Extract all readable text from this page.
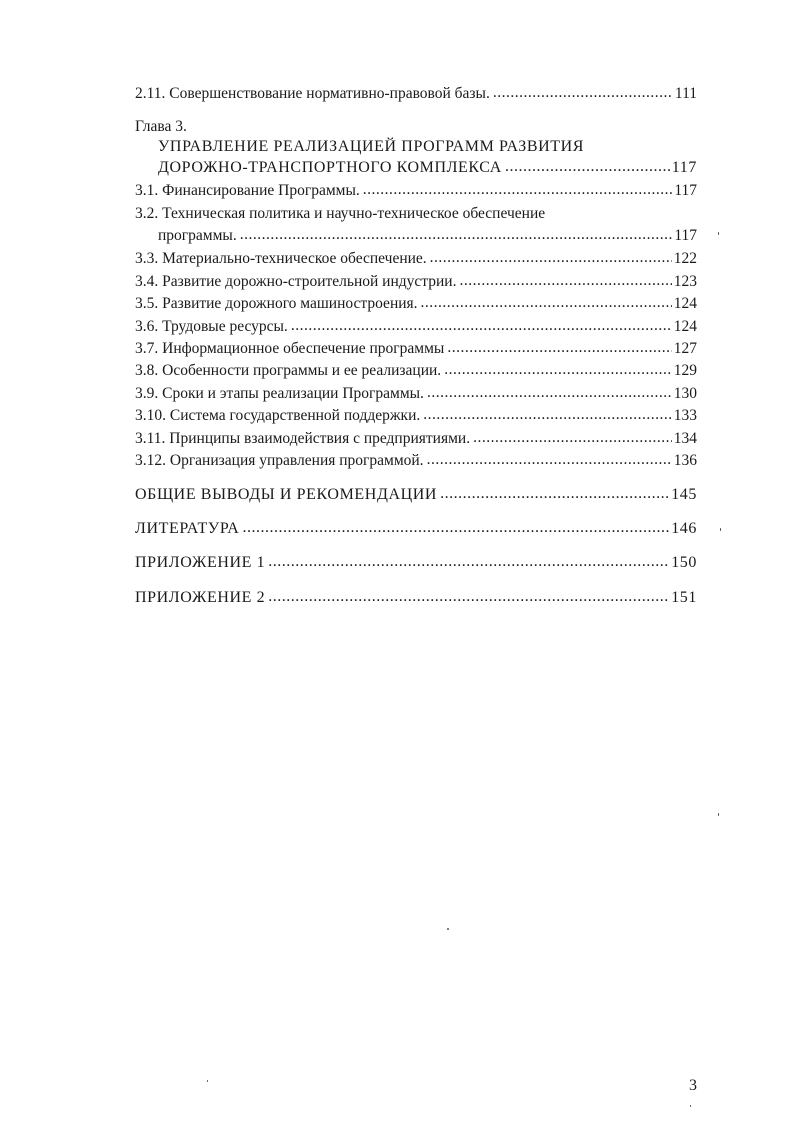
2.11. Совершенствование нормативно-правовой базы. .....	111
Глава 3.
УПРАВЛЕНИЕ РЕАЛИЗАЦИЕЙ ПРОГРАММ РАЗВИТИЯ
ДОРОЖНО-ТРАНСПОРТНОГО КОМПЛЕКСА .....	117
3.1. Финансирование Программы. .....	117
3.2. Техническая политика и научно-техническое обеспечение
программы. .....	117
3.3. Материально-техническое обеспечение. .....	122
3.4. Развитие дорожно-строительной индустрии. .....	123
3.5. Развитие дорожного машиностроения. .....	124
3.6. Трудовые ресурсы. .....	124
3.7. Информационное обеспечение программы .....	127
3.8. Особенности программы и ее реализации. .....	129
3.9. Сроки и этапы реализации Программы. .....	130
3.10. Система государственной поддержки. .....	133
3.11. Принципы взаимодействия с предприятиями. .....	134
3.12. Организация управления программой. .....	136
ОБЩИЕ ВЫВОДЫ И РЕКОМЕНДАЦИИ .....	145
ЛИТЕРАТУРА .....	146
ПРИЛОЖЕНИЕ 1 .....	150
ПРИЛОЖЕНИЕ 2 .....	151
3
